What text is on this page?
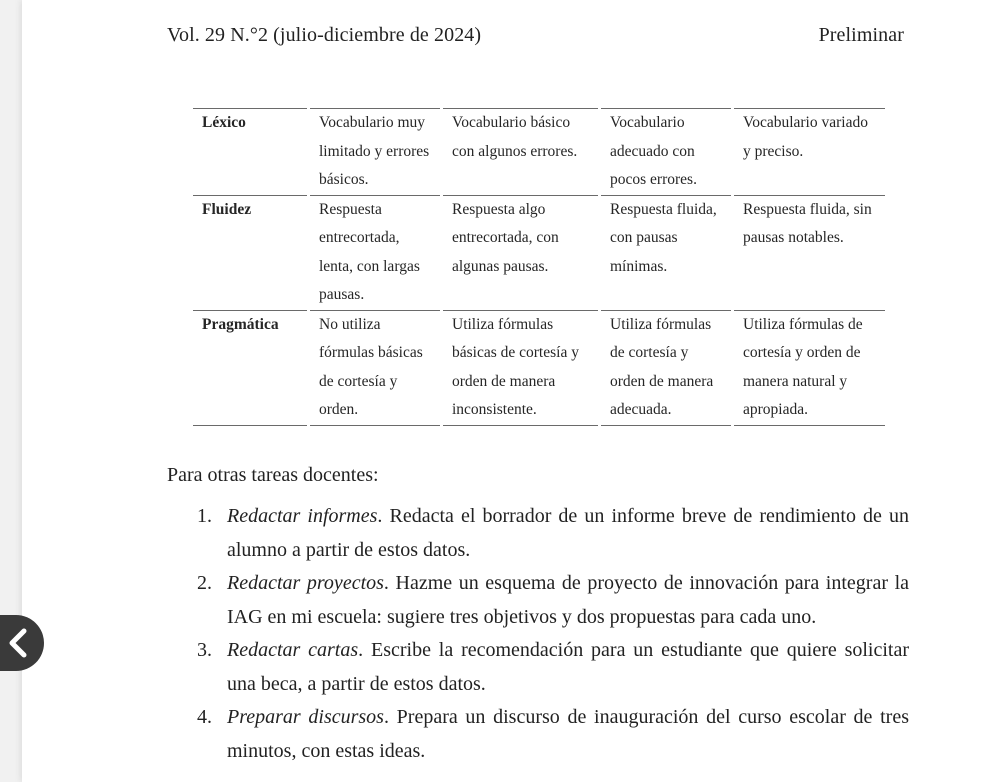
Vol. 29 N.°2 (julio-diciembre de 2024)	Preliminar
Léxico	Vocabulario muy limitado y errores básicos.	Vocabulario básico con algunos errores.	Vocabulario adecuado con pocos errores.	Vocabulario variado y preciso.
Fluidez	Respuesta entrecortada, lenta, con largas pausas.	Respuesta algo entrecortada, con algunas pausas.	Respuesta fluida, con pausas mínimas.	Respuesta fluida, sin pausas notables.
Pragmática	No utiliza fórmulas básicas de cortesía y orden.	Utiliza fórmulas básicas de cortesía y orden de manera inconsistente.	Utiliza fórmulas de cortesía y orden de manera adecuada.	Utiliza fórmulas de cortesía y orden de manera natural y apropiada.
Para otras tareas docentes:
1. Redactar informes. Redacta el borrador de un informe breve de rendimiento de un alumno a partir de estos datos.
2. Redactar proyectos. Hazme un esquema de proyecto de innovación para integrar la IAG en mi escuela: sugiere tres objetivos y dos propuestas para cada uno.
3. Redactar cartas. Escribe la recomendación para un estudiante que quiere solicitar una beca, a partir de estos datos.
4. Preparar discursos. Prepara un discurso de inauguración del curso escolar de tres minutos, con estas ideas.
